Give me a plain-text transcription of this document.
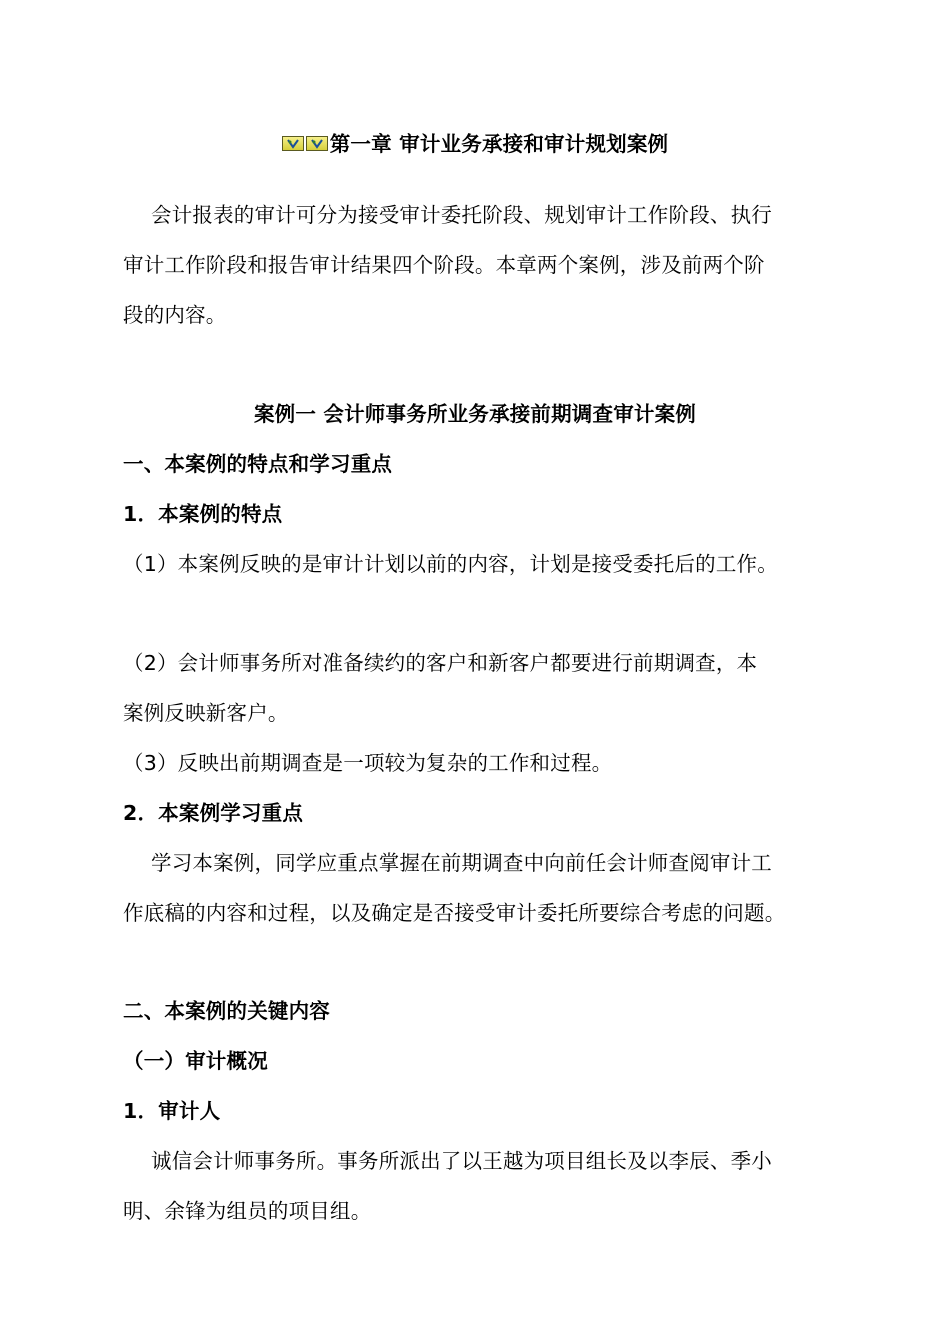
第一章 审计业务承接和审计规划案例
会计报表的审计可分为接受审计委托阶段、规划审计工作阶段、执行
审计工作阶段和报告审计结果四个阶段。本章两个案例，涉及前两个阶
段的内容。
案例一 会计师事务所业务承接前期调查审计案例
一、本案例的特点和学习重点
1．本案例的特点
（1）本案例反映的是审计计划以前的内容，计划是接受委托后的工作。
（2）会计师事务所对准备续约的客户和新客户都要进行前期调查，本
案例反映新客户。
（3）反映出前期调查是一项较为复杂的工作和过程。
2．本案例学习重点
学习本案例，同学应重点掌握在前期调查中向前任会计师查阅审计工
作底稿的内容和过程，以及确定是否接受审计委托所要综合考虑的问题。
二、本案例的关键内容
（一）审计概况
1．审计人
诚信会计师事务所。事务所派出了以王越为项目组长及以李辰、季小
明、余锋为组员的项目组。
